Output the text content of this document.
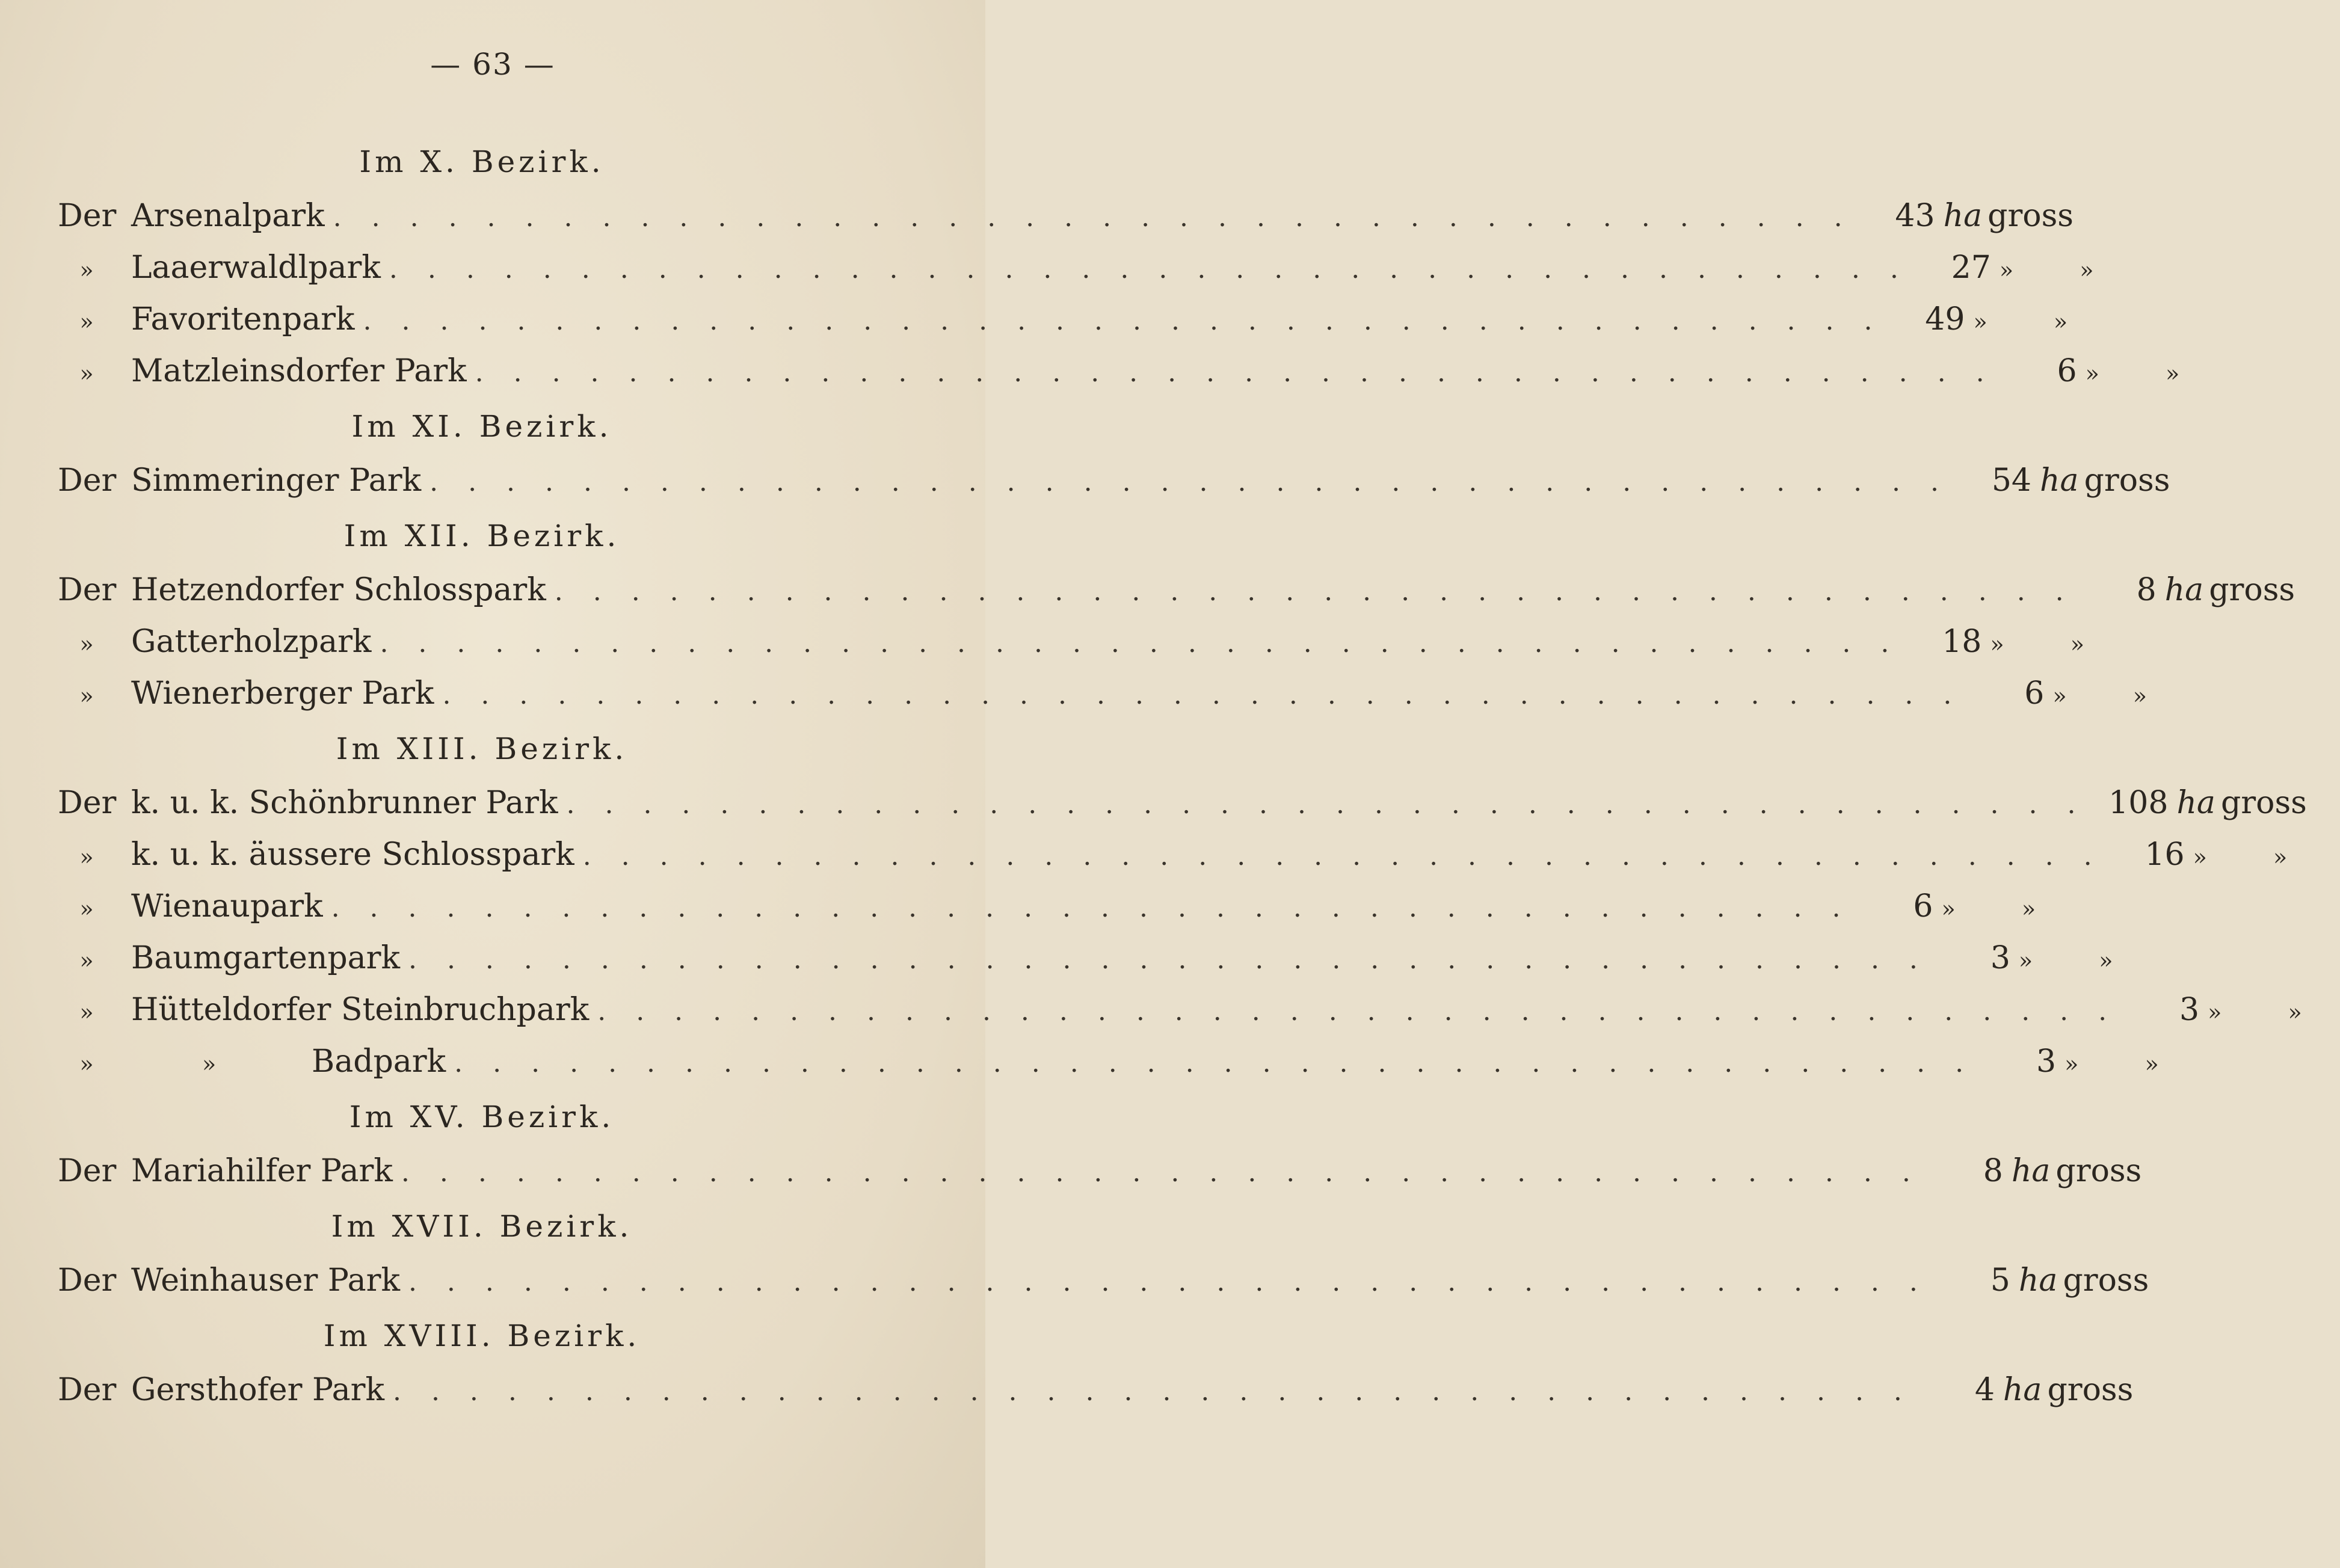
— 63 —
Im X. Bezirk.
Der Arsenalpark . . . . . . . . . . . . . . . . . . . . . . . . . . . . . . . . . . . . . . . .	43 ha gross
»	Laaerwaldlpark . . . . . . . . . . . . . . . . . . . . . . . . . . . . . . . . . . . . . . . .	27 »	»
»	Favoritenpark . . . . . . . . . . . . . . . . . . . . . . . . . . . . . . . . . . . . . . . .	49 »	»
»	Matzleinsdorfer Park . . . . . . . . . . . . . . . . . . . . . . . . . . . . . . . . . . . . . . . .	6 »	»
Im XI. Bezirk.
Der Simmeringer Park . . . . . . . . . . . . . . . . . . . . . . . . . . . . . . . . . . . . . . . .	54 ha gross
Im XII. Bezirk.
Der Hetzendorfer Schlosspark . . . . . . . . . . . . . . . . . . . . . . . . . . . . . . . . . . . . . . . .	8 ha gross
»	Gatterholzpark . . . . . . . . . . . . . . . . . . . . . . . . . . . . . . . . . . . . . . . .	18 »	»
»	Wienerberger Park . . . . . . . . . . . . . . . . . . . . . . . . . . . . . . . . . . . . . . . .	6 »	»
Im XIII. Bezirk.
Der k. u. k. Schönbrunner Park . . . . . . . . . . . . . . . . . . . . . . . . . . . . . . . . . . . . . . . . 108 ha gross
»	k. u. k. äussere Schlosspark . . . . . . . . . . . . . . . . . . . . . . . . . . . . . . . . . . . . . . . .	16 »	»
»	Wienaupark . . . . . . . . . . . . . . . . . . . . . . . . . . . . . . . . . . . . . . . .	6 »	»
»	Baumgartenpark . . . . . . . . . . . . . . . . . . . . . . . . . . . . . . . . . . . . . . . .	3 »	»
»	Hütteldorfer Steinbruchpark . . . . . . . . . . . . . . . . . . . . . . . . . . . . . . . . . . . . . . . .	3 »	»
»	»	Badpark . . . . . . . . . . . . . . . . . . . . . . . . . . . . . . . . . . . . . . . .	3 »	»
Im XV. Bezirk.
Der Mariahilfer Park . . . . . . . . . . . . . . . . . . . . . . . . . . . . . . . . . . . . . . . .	8 ha gross
Im XVII. Bezirk.
Der Weinhauser Park . . . . . . . . . . . . . . . . . . . . . . . . . . . . . . . . . . . . . . . .	5 ha gross
Im XVIII. Bezirk.
Der Gersthofer Park . . . . . . . . . . . . . . . . . . . . . . . . . . . . . . . . . . . . . . . .	4 ha gross
